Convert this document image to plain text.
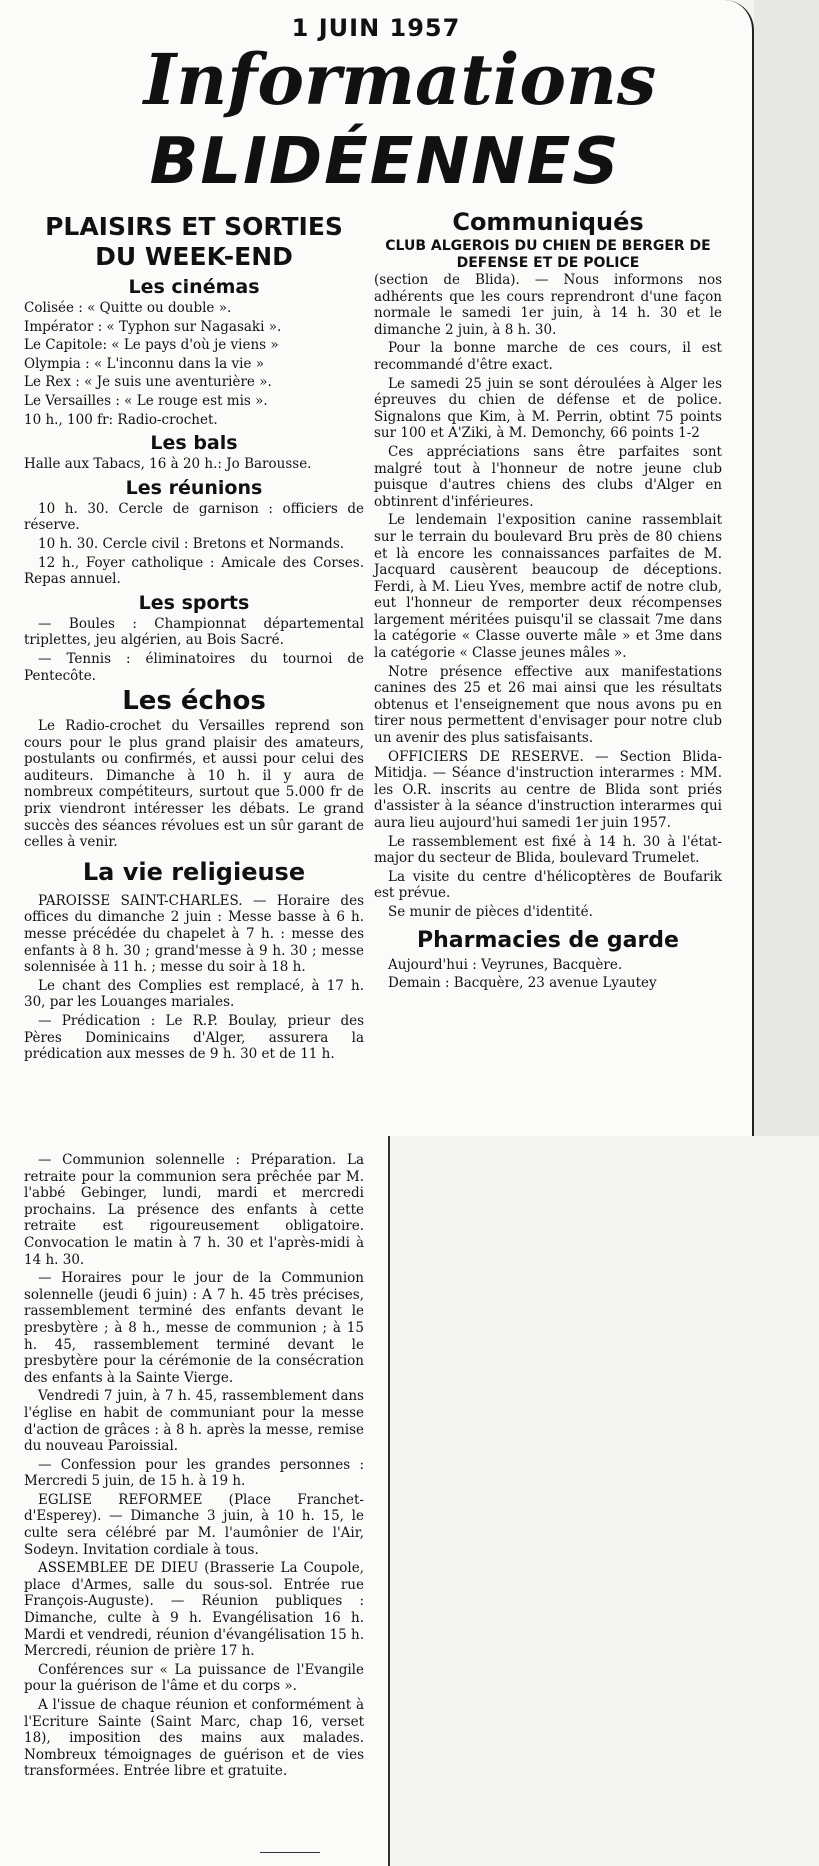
1 JUIN 1957
Informations
BLIDÉENNES
PLAISIRS ET SORTIES DU WEEK-END
Les cinémas

Colisée : « Quitte ou double ».

Impérator : « Typhon sur Nagasaki ».

Le Capitole: « Le pays d'où je viens »

Olympia : « L'inconnu dans la vie »

Le Rex : « Je suis une aventurière ».

Le Versailles : « Le rouge est mis ».

10 h., 100 fr: Radio-crochet.

Les bals

Halle aux Tabacs, 16 à 20 h.: Jo Barousse.

Les réunions

10 h. 30. Cercle de garnison : officiers de réserve.

10 h. 30. Cercle civil : Bretons et Normands.

12 h., Foyer catholique : Amicale des Corses. Repas annuel.

Les sports

— Boules : Championnat départemental triplettes, jeu algérien, au Bois Sacré.

— Tennis : éliminatoires du tournoi de Pentecôte.

Les échos

Le Radio-crochet du Versailles reprend son cours pour le plus grand plaisir des amateurs, postulants ou confirmés, et aussi pour celui des auditeurs. Dimanche à 10 h. il y aura de nombreux compétiteurs, surtout que 5.000 fr de prix viendront intéresser les débats. Le grand succès des séances révolues est un sûr garant de celles à venir.

La vie religieuse

PAROISSE SAINT-CHARLES. — Horaire des offices du dimanche 2 juin : Messe basse à 6 h. messe précédée du chapelet à 7 h. : messe des enfants à 8 h. 30 ; grand'messe à 9 h. 30 ; messe solennisée à 11 h. ; messe du soir à 18 h.

Le chant des Complies est remplacé, à 17 h. 30, par les Louanges mariales.

— Prédication : Le R.P. Boulay, prieur des Pères Dominicains d'Alger, assurera la prédication aux messes de 9 h. 30 et de 11 h.

— Communion solennelle : Préparation. La retraite pour la communion sera prêchée par M. l'abbé Gebinger, lundi, mardi et mercredi prochains. La présence des enfants à cette retraite est rigoureusement obligatoire. Convocation le matin à 7 h. 30 et l'après-midi à 14 h. 30.

— Horaires pour le jour de la Communion solennelle (jeudi 6 juin) : A 7 h. 45 très précises, rassemblement terminé des enfants devant le presbytère ; à 8 h., messe de communion ; à 15 h. 45, rassemblement terminé devant le presbytère pour la cérémonie de la consécration des enfants à la Sainte Vierge.

Vendredi 7 juin, à 7 h. 45, rassemblement dans l'église en habit de communiant pour la messe d'action de grâces : à 8 h. après la messe, remise du nouveau Paroissial.

— Confession pour les grandes personnes : Mercredi 5 juin, de 15 h. à 19 h.

EGLISE REFORMEE (Place Franchet-d'Esperey). — Dimanche 3 juin, à 10 h. 15, le culte sera célébré par M. l'aumônier de l'Air, Sodeyn. Invitation cordiale à tous.

ASSEMBLEE DE DIEU (Brasserie La Coupole, place d'Armes, salle du sous-sol. Entrée rue François-Auguste). — Réunion publiques : Dimanche, culte à 9 h. Evangélisation 16 h. Mardi et vendredi, réunion d'évangélisation 15 h. Mercredi, réunion de prière 17 h.

Conférences sur « La puissance de l'Evangile pour la guérison de l'âme et du corps ».

A l'issue de chaque réunion et conformément à l'Ecriture Sainte (Saint Marc, chap 16, verset 18), imposition des mains aux malades. Nombreux témoignages de guérison et de vies transformées. Entrée libre et gratuite.

Communiqués
CLUB ALGEROIS DU CHIEN DE BERGER DE DEFENSE ET DE POLICE

(section de Blida). — Nous informons nos adhérents que les cours reprendront d'une façon normale le samedi 1er juin, à 14 h. 30 et le dimanche 2 juin, à 8 h. 30.

Pour la bonne marche de ces cours, il est recommandé d'être exact.

Le samedi 25 juin se sont déroulées à Alger les épreuves du chien de défense et de police. Signalons que Kim, à M. Perrin, obtint 75 points sur 100 et A'Ziki, à M. Demonchy, 66 points 1-2

Ces appréciations sans être parfaites sont malgré tout à l'honneur de notre jeune club puisque d'autres chiens des clubs d'Alger en obtinrent d'inférieures.

Le lendemain l'exposition canine rassemblait sur le terrain du boulevard Bru près de 80 chiens et là encore les connaissances parfaites de M. Jacquard causèrent beaucoup de déceptions. Ferdi, à M. Lieu Yves, membre actif de notre club, eut l'honneur de remporter deux récompenses largement méritées puisqu'il se classait 7me dans la catégorie « Classe ouverte mâle » et 3me dans la catégorie « Classe jeunes mâles ».

Notre présence effective aux manifestations canines des 25 et 26 mai ainsi que les résultats obtenus et l'enseignement que nous avons pu en tirer nous permettent d'envisager pour notre club un avenir des plus satisfaisants.

OFFICIERS DE RESERVE. — Section Blida-Mitidja. — Séance d'instruction interarmes : MM. les O.R. inscrits au centre de Blida sont priés d'assister à la séance d'instruction interarmes qui aura lieu aujourd'hui samedi 1er juin 1957.

Le rassemblement est fixé à 14 h. 30 à l'état-major du secteur de Blida, boulevard Trumelet.

La visite du centre d'hélicoptères de Boufarik est prévue.

Se munir de pièces d'identité.

Pharmacies de garde

Aujourd'hui : Veyrunes, Bacquère.

Demain : Bacquère, 23 avenue Lyautey
